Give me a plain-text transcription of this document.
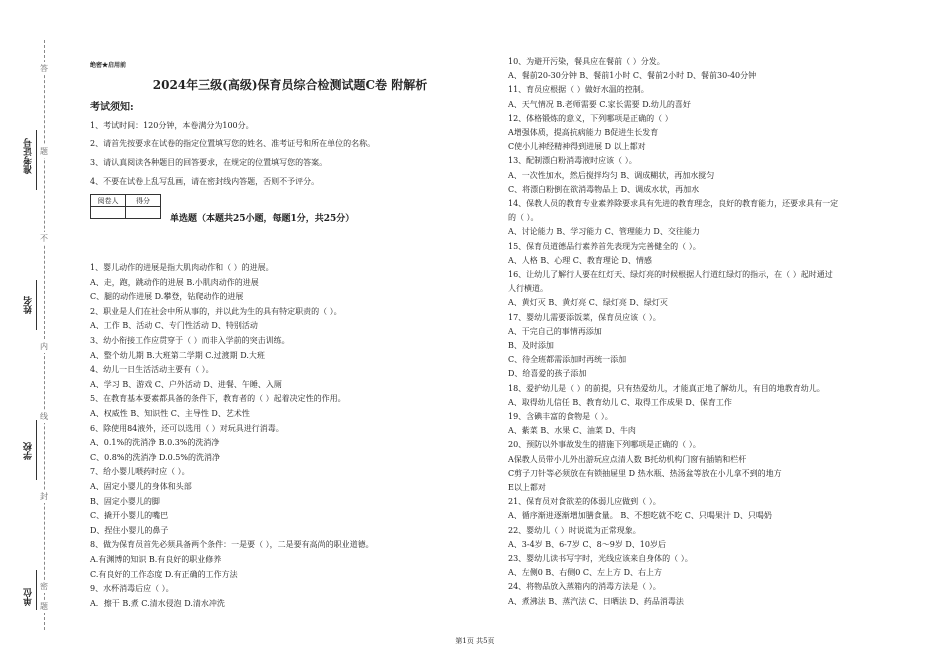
准考证号
姓名
学校
单位
答
题
不
内
线
封
密
题
绝密★启用前
2024年三级(高级)保育员综合检测试题C卷 附解析
考试须知:
1、考试时间：120分钟，本卷满分为100分。
2、请首先按要求在试卷的指定位置填写您的姓名、准考证号和所在单位的名称。
3、请认真阅读各种题目的回答要求，在规定的位置填写您的答案。
4、不要在试卷上乱写乱画，请在密封线内答题，否则不予评分。
阅卷人	得分

单选题（本题共25小题，每题1分，共25分）
1、婴儿动作的进展是指大肌肉动作和（ ）的进展。
A、走，跑，跳动作的进展 B.小肌肉动作的进展
C、腿的动作进展 D.攀登，钻爬动作的进展
2、职业是人们在社会中所从事的，并以此为生的具有特定职责的（ ）。
A、工作 B、活动 C、专门性活动 D、特别活动
3、幼小衔接工作应贯穿于（ ）而非入学前的突击训练。
A、整个幼儿期 B.大班第二学期 C.过渡期 D.大班
4、幼儿一日生活活动主要有（ ）。
A、学习 B、游戏 C、户外活动 D、进餐、午睡、入厕
5、在教育基本要素都具备的条件下，教育者的（ ）起着决定性的作用。
A、权威性 B、知识性 C、主导性 D、艺术性
6、除使用84液外，还可以选用（ ）对玩具进行消毒。
A、0.1%的洗消净 B.0.3%的洗消净
C、0.8%的洗消净 D.0.5%的洗消净
7、给小婴儿喂药时应（ ）。
A、固定小婴儿的身体和头部
B、固定小婴儿的脚
C、撬开小婴儿的嘴巴
D、捏住小婴儿的鼻子
8、做为保育员首先必须具备两个条件：一是要（ ），二是要有高尚的职业道德。
A.有渊博的知识 B.有良好的职业修养
C.有良好的工作态度 D.有正确的工作方法
9、水杯消毒后应（ ）。
A．擦干 B.煮 C.清水侵泡 D.清水冲洗
10、为避开污染，餐具应在餐前（ ）分发。
A、餐前20-30分钟 B、餐前1小时 C、餐前2小时 D、餐前30-40分钟
11、育员应根据（ ）做好水温的控制。
A、天气情况 B.老师需要 C.家长需要 D.幼儿的喜好
12、体格锻炼的意义，下列哪项是正确的（ ）
A增强体质，提高抗病能力 B促进生长发育
C使小儿神经精神得到进展 D 以上都对
13、配制漂白粉消毒液时应该（ ）。
A、一次性加水，然后搅拌均匀 B、调成糊状，再加水搅匀
C、将漂白粉倒在欲消毒物品上 D、调成水状，再加水
14、保教人员的教育专业素养除要求具有先进的教育理念，良好的教育能力，还要求具有一定
的（ ）。
A、讨论能力 B、学习能力 C、管理能力 D、交往能力
15、保育员道德品行素养首先表现为完善健全的（ ）。
A、人格 B、心理 C、教育理论 D、情感
16、让幼儿了解行人要在红灯天、绿灯亮的时候根据人行道红绿灯的指示，在（ ）起时通过
人行横道。
A、黄灯灭 B、黄灯亮 C、绿灯亮 D、绿灯灭
17、婴幼儿需要添饭菜，保育员应该（ ）。
A、干完自己的事情再添加
B、及时添加
C、待全班都需添加时再统一添加
D、给喜爱的孩子添加
18、爱护幼儿是（ ）的前提，只有热爱幼儿，才能真正地了解幼儿，有目的地教育幼儿。
A、取得幼儿信任 B、教育幼儿 C、取得工作成果 D、保育工作
19、含碘丰富的食物是（ ）。
A、紫菜 B、水果 C、油菜 D、牛肉
20、预防以外事故发生的措施下列哪项是正确的（ ）。
A保教人员带小儿外出游玩应点清人数 B托幼机构门窗有插销和栏杆
C剪子刀针等必须放在有锁抽屉里 D 热水瓶、热汤盆等放在小儿拿不到的地方
E以上都对
21、保育员对食欲差的体弱儿应做到（ ）。
A、循序渐进逐渐增加膳食量。 B、不想吃就不吃 C、只喝果汁 D、只喝奶
22、婴幼儿（ ）时说谎为正常现象。
A、3-4岁 B、6-7岁 C、8～9岁 D、10岁后
23、婴幼儿读书写字时，光线应该来自身体的（ ）。
A、左侧0 B、右侧0 C、左上方 D、右上方
24、将物品放入蒸箱内的消毒方法是（ ）。
A、煮沸法 B、蒸汽法 C、日晒法 D、药品消毒法
第1页 共5页
